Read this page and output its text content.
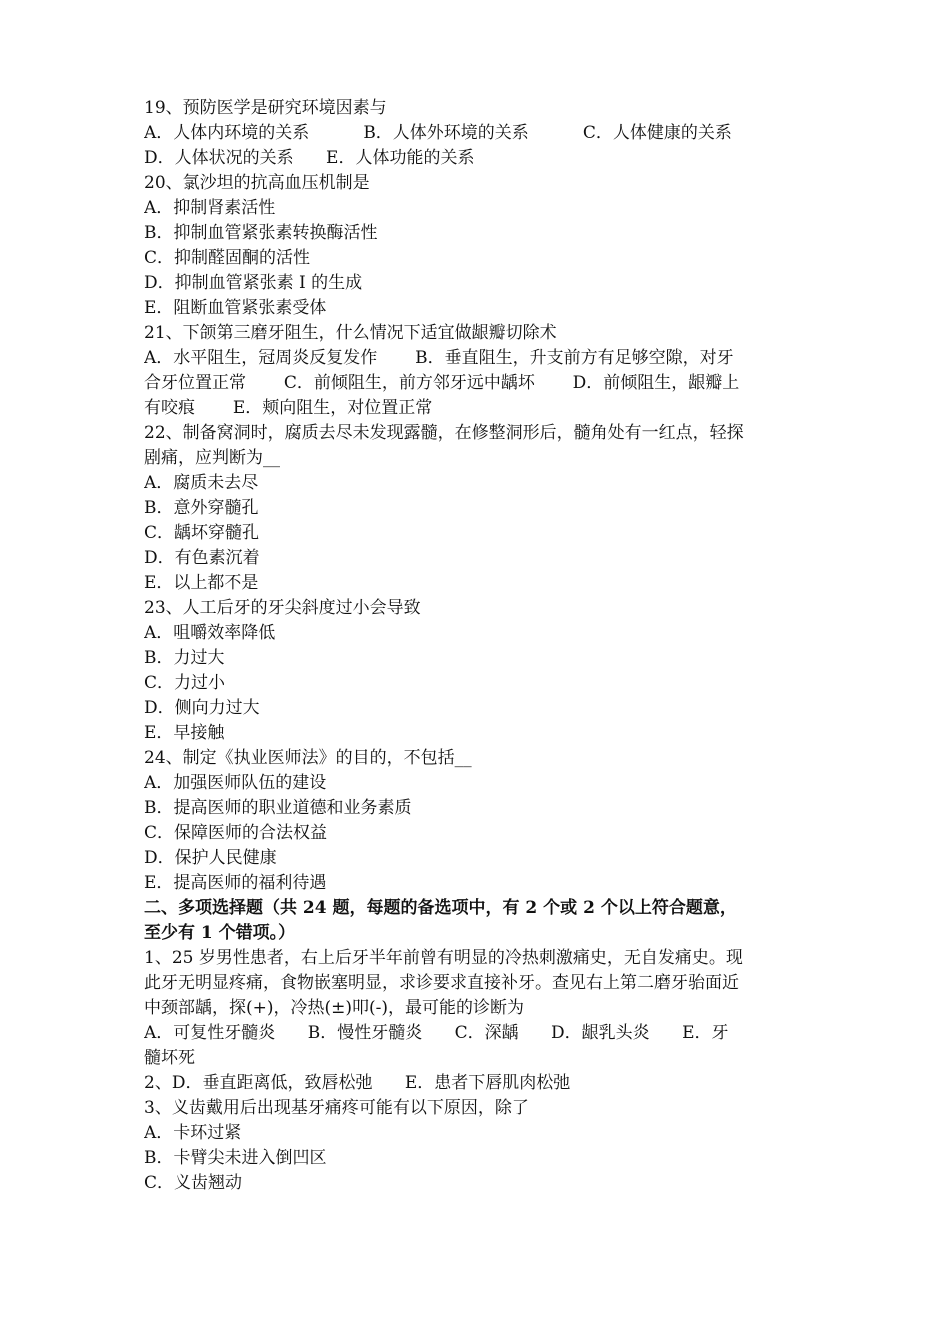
19、预防医学是研究环境因素与
A．人体内环境的关系          B．人体外环境的关系          C．人体健康的关系
D．人体状况的关系      E．人体功能的关系
20、氯沙坦的抗高血压机制是
A．抑制肾素活性
B．抑制血管紧张素转换酶活性
C．抑制醛固酮的活性
D．抑制血管紧张素 I 的生成
E．阻断血管紧张素受体
21、下颌第三磨牙阻生，什么情况下适宜做龈瓣切除术
A．水平阻生，冠周炎反复发作       B．垂直阻生，升支前方有足够空隙，对牙
合牙位置正常       C．前倾阻生，前方邻牙远中龋坏       D．前倾阻生，龈瓣上
有咬痕       E．颊向阻生，对位置正常
22、制备窝洞时，腐质去尽未发现露髓，在修整洞形后，髓角处有一红点，轻探
剧痛，应判断为__
A．腐质未去尽
B．意外穿髓孔
C．龋坏穿髓孔
D．有色素沉着
E．以上都不是
23、人工后牙的牙尖斜度过小会导致
A．咀嚼效率降低
B．力过大
C．力过小
D．侧向力过大
E．早接触
24、制定《执业医师法》的目的，不包括__
A．加强医师队伍的建设
B．提高医师的职业道德和业务素质
C．保障医师的合法权益
D．保护人民健康
E．提高医师的福利待遇
二、多项选择题（共 24 题，每题的备选项中，有 2 个或 2 个以上符合题意，
至少有 1 个错项。）
1、25 岁男性患者，右上后牙半年前曾有明显的冷热刺激痛史，无自发痛史。现
此牙无明显疼痛，食物嵌塞明显，求诊要求直接补牙。查见右上第二磨牙骀面近
中颈部龋，探(+)，冷热(±)叩(-)，最可能的诊断为
A．可复性牙髓炎      B．慢性牙髓炎      C．深龋      D．龈乳头炎      E．牙
髓坏死
2、D．垂直距离低，致唇松弛      E．患者下唇肌肉松弛
3、义齿戴用后出现基牙痛疼可能有以下原因，除了
A．卡环过紧
B．卡臂尖未进入倒凹区
C．义齿翘动
